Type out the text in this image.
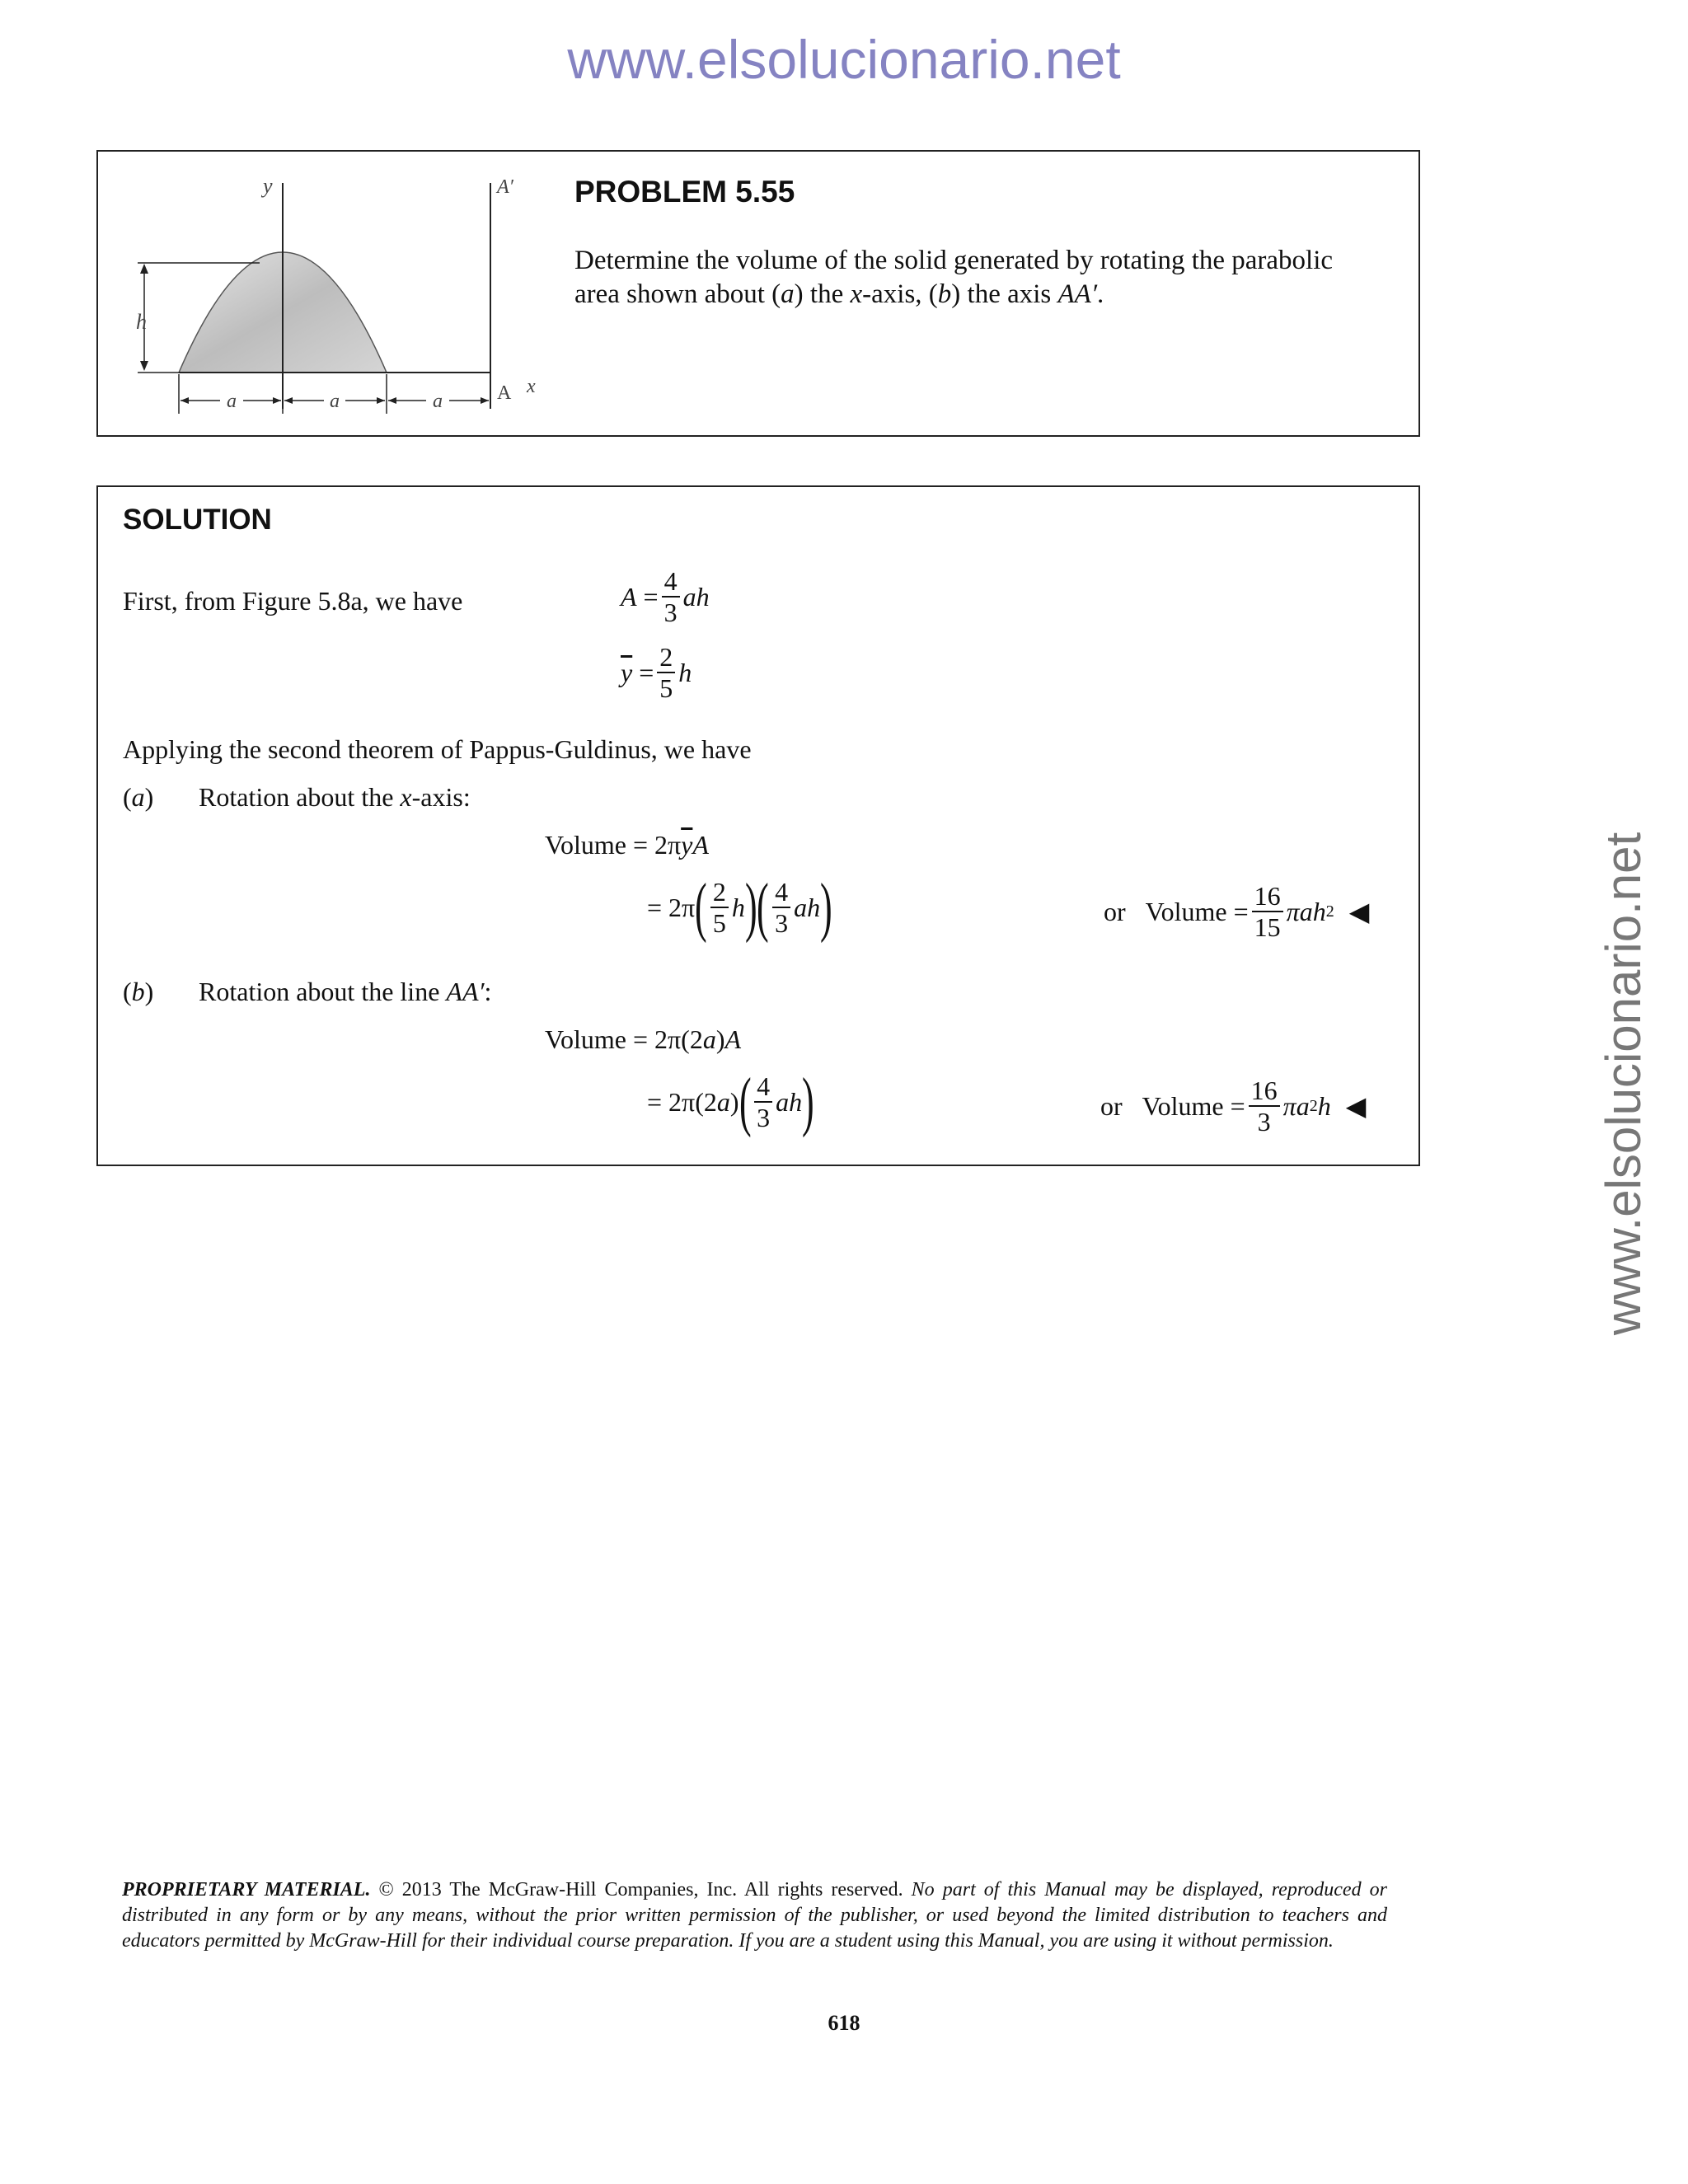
www.elsolucionario.net
www.elsolucionario.net
y	A′
h
a	a	a	A x
PROBLEM 5.55
Determine the volume of the solid generated by rotating the parabolic
area shown about (a) the x-axis, (b) the axis AA′.
SOLUTION
First, from Figure 5.8a, we have	A
= $\frac{4}{3}$ ah
$\overline{y}$
= $\frac{2}{5}$ h
Applying the second theorem of Pappus-Guldinus, we have
(a) Rotation about the x-axis:
Volume = $2\pi\overline{y}A$
=
2π ( $\frac{2}{5}$ h ) ( $\frac{4}{3}$ ah )	or
Volume
= $\frac{16}{15}$ πah 2 ◀
(b) Rotation about the line AA′:
Volume = 2π(2a)A
=
2π(2 a ) ( $\frac{4}{3}$ ah )	or
Volume
= $\frac{16}{3}$ πa 2 h ◀
PROPRIETARY MATERIAL. © 2013 The McGraw-Hill Companies, Inc. All rights reserved. No part of this Manual may be displayed, reproduced or distributed in any form or by any means, without the prior written permission of the publisher, or used beyond the limited distribution to teachers and educators permitted by McGraw-Hill for their individual course preparation. If you are a student using this Manual, you are using it without permission.
618
